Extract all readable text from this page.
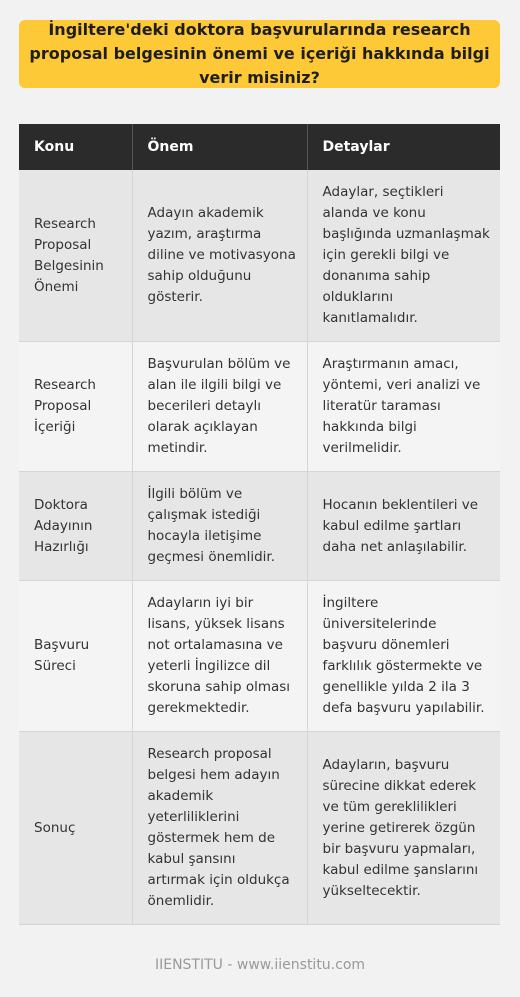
İngiltere'deki doktora başvurularında research proposal belgesinin önemi ve içeriği hakkında bilgi verir misiniz?
Konu	Önem	Detaylar
Research Proposal Belgesinin Önemi	Adayın akademik yazım, araştırma diline ve motivasyona sahip olduğunu gösterir.	Adaylar, seçtikleri alanda ve konu başlığında uzmanlaşmak için gerekli bilgi ve donanıma sahip olduklarını kanıtlamalıdır.
Research Proposal İçeriği	Başvurulan bölüm ve alan ile ilgili bilgi ve becerileri detaylı olarak açıklayan metindir.	Araştırmanın amacı, yöntemi, veri analizi ve literatür taraması hakkında bilgi verilmelidir.
Doktora Adayının Hazırlığı	İlgili bölüm ve çalışmak istediği hocayla iletişime geçmesi önemlidir.	Hocanın beklentileri ve kabul edilme şartları daha net anlaşılabilir.
Başvuru Süreci	Adayların iyi bir lisans, yüksek lisans not ortalamasına ve yeterli İngilizce dil skoruna sahip olması gerekmektedir.	İngiltere üniversitelerinde başvuru dönemleri farklılık göstermekte ve genellikle yılda 2 ila 3 defa başvuru yapılabilir.
Sonuç	Research proposal belgesi hem adayın akademik yeterliliklerini göstermek hem de kabul şansını artırmak için oldukça önemlidir.	Adayların, başvuru sürecine dikkat ederek ve tüm gereklilikleri yerine getirerek özgün bir başvuru yapmaları, kabul edilme şanslarını yükseltecektir.
IIENSTITU - www.iienstitu.com
